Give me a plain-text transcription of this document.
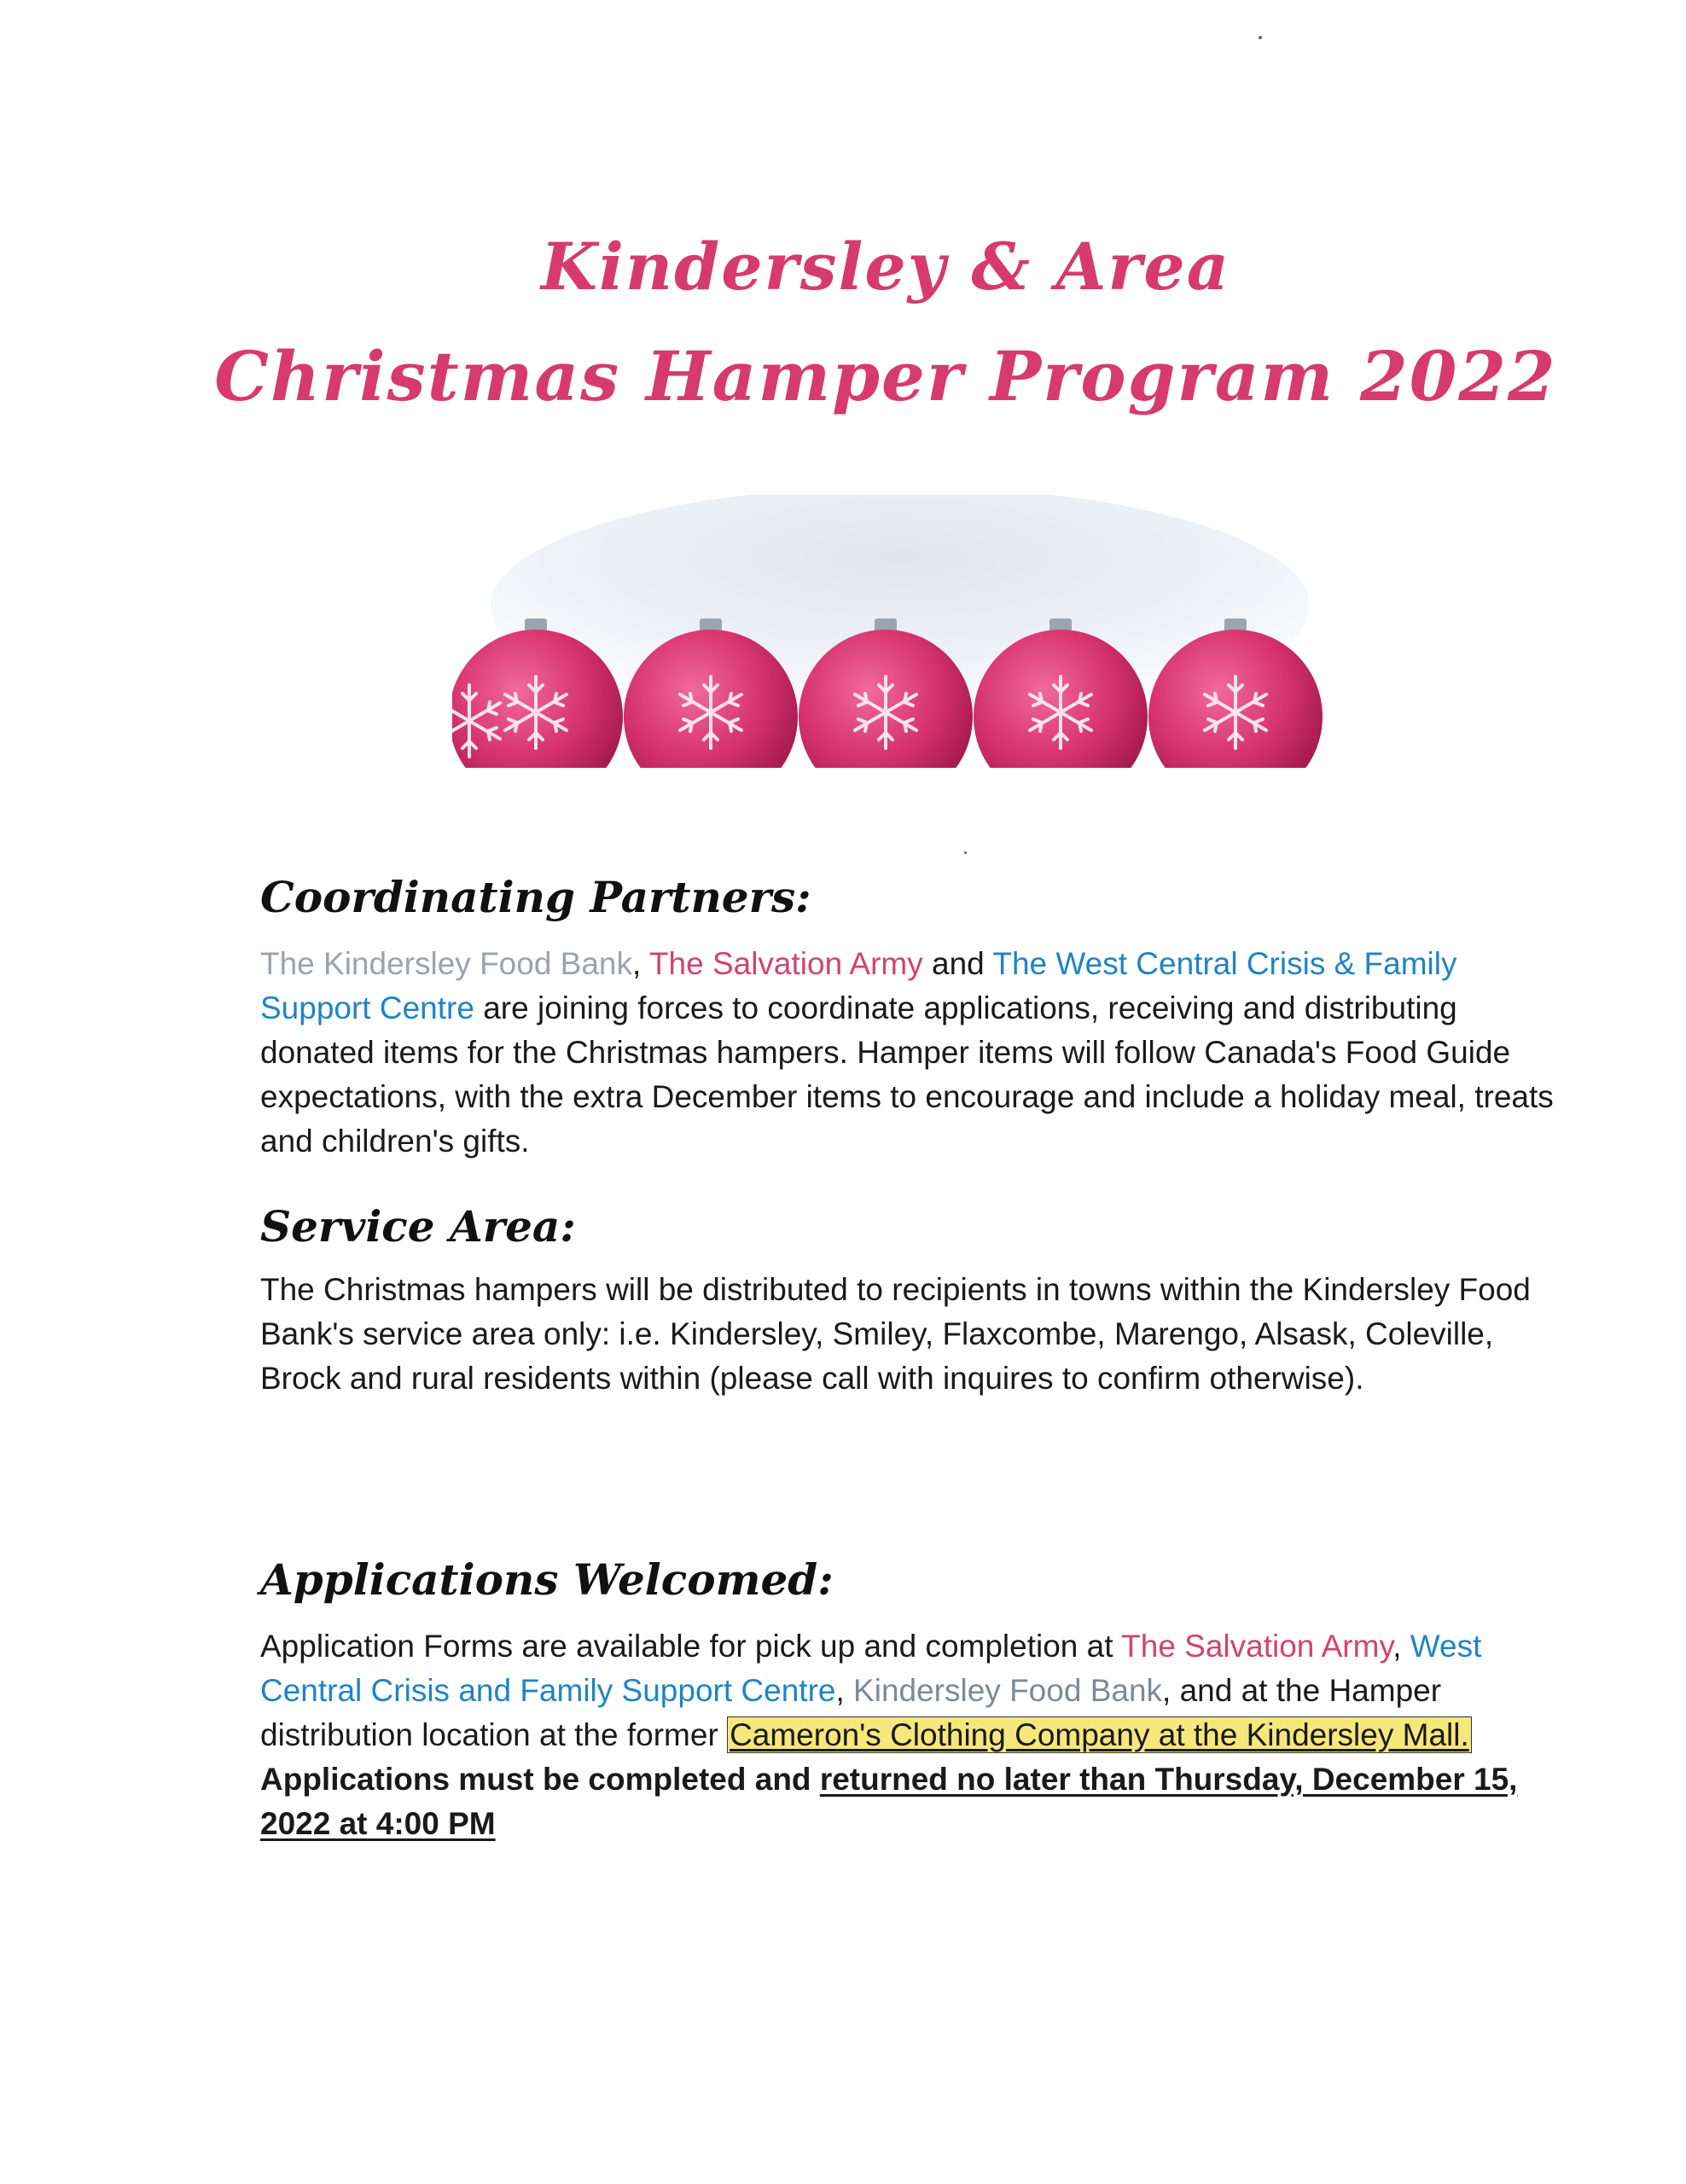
Kindersley & Area
Christmas Hamper Program 2022
Coordinating Partners:
The Kindersley Food Bank, The Salvation Army and The West Central Crisis & Family Support Centre are joining forces to coordinate applications, receiving and distributing donated items for the Christmas hampers. Hamper items will follow Canada's Food Guide expectations, with the extra December items to encourage and include a holiday meal, treats and children's gifts.
Service Area:
The Christmas hampers will be distributed to recipients in towns within the Kindersley Food Bank's service area only: i.e. Kindersley, Smiley, Flaxcombe, Marengo, Alsask, Coleville, Brock and rural residents within (please call with inquires to confirm otherwise).
Applications Welcomed:
Application Forms are available for pick up and completion at The Salvation Army, West Central Crisis and Family Support Centre, Kindersley Food Bank, and at the Hamper distribution location at the former Cameron's Clothing Company at the Kindersley Mall.
Applications must be completed and returned no later than Thursday, December 15, 2022 at 4:00 PM
